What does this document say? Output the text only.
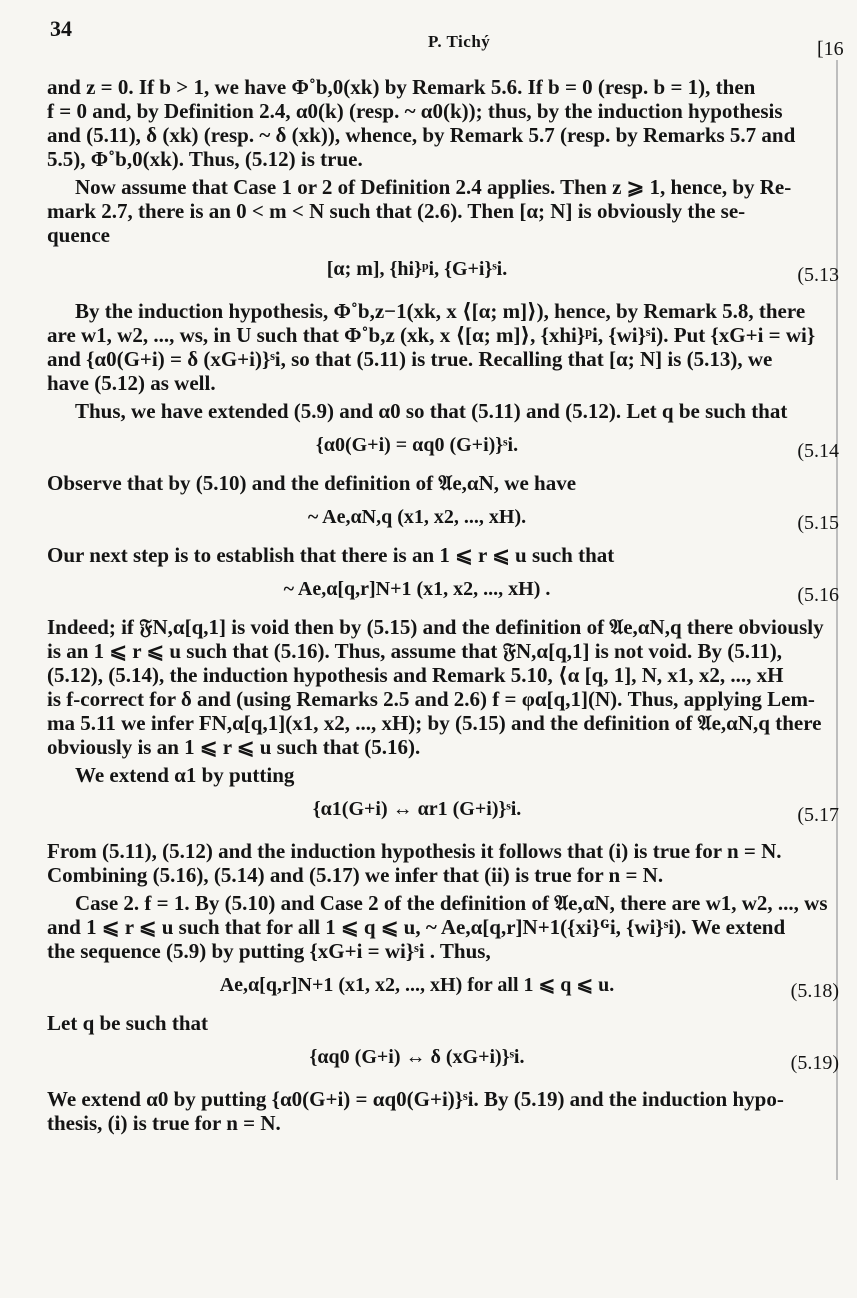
34
P. Tichý	[16
and z = 0. If b > 1, we have Φ˚b,0(xk) by Remark 5.6. If b = 0 (resp. b = 1), then
f = 0 and, by Definition 2.4, α0(k) (resp. ~ α0(k)); thus, by the induction hypothesis
and (5.11), δ (xk) (resp. ~ δ (xk)), whence, by Remark 5.7 (resp. by Remarks 5.7 and
5.5), Φ˚b,0(xk). Thus, (5.12) is true.
Now assume that Case 1 or 2 of Definition 2.4 applies. Then z ⩾ 1, hence, by Re-
mark 2.7, there is an 0 < m < N such that (2.6). Then [α; N] is obviously the se-
quence
[α; m], {hi}ᵖi, {G+i}ˢi.	(5.13
By the induction hypothesis, Φ˚b,z−1(xk, x ⟨[α; m]⟩), hence, by Remark 5.8, there
are w1, w2, ..., ws, in U such that Φ˚b,z (xk, x ⟨[α; m]⟩, {xhi}ᵖi, {wi}ˢi). Put {xG+i = wi}
and {α0(G+i) = δ (xG+i)}ˢi, so that (5.11) is true. Recalling that [α; N] is (5.13), we
have (5.12) as well.
Thus, we have extended (5.9) and α0 so that (5.11) and (5.12). Let q be such that
{α0(G+i) = αq0 (G+i)}ˢi.	(5.14
Observe that by (5.10) and the definition of 𝔄e,αN, we have
~ Ae,αN,q (x1, x2, ..., xH).	(5.15
Our next step is to establish that there is an 1 ⩽ r ⩽ u such that
~ Ae,α[q,r]N+1 (x1, x2, ..., xH) .	(5.16
Indeed; if 𝔉N,α[q,1] is void then by (5.15) and the definition of 𝔄e,αN,q there obviously
is an 1 ⩽ r ⩽ u such that (5.16). Thus, assume that 𝔉N,α[q,1] is not void. By (5.11),
(5.12), (5.14), the induction hypothesis and Remark 5.10, ⟨α [q, 1], N, x1, x2, ..., xH
is f-correct for δ and (using Remarks 2.5 and 2.6) f = φα[q,1](N). Thus, applying Lem-
ma 5.11 we infer FN,α[q,1](x1, x2, ..., xH); by (5.15) and the definition of 𝔄e,αN,q there
obviously is an 1 ⩽ r ⩽ u such that (5.16).
We extend α1 by putting
{α1(G+i) ↔ αr1 (G+i)}ˢi.	(5.17
From (5.11), (5.12) and the induction hypothesis it follows that (i) is true for n = N.
Combining (5.16), (5.14) and (5.17) we infer that (ii) is true for n = N.
Case 2. f = 1. By (5.10) and Case 2 of the definition of 𝔄e,αN, there are w1, w2, ..., ws
and 1 ⩽ r ⩽ u such that for all 1 ⩽ q ⩽ u, ~ Ae,α[q,r]N+1({xi}ᴳi, {wi}ˢi). We extend
the sequence (5.9) by putting {xG+i = wi}ˢi . Thus,
Ae,α[q,r]N+1 (x1, x2, ..., xH) for all 1 ⩽ q ⩽ u.	(5.18)
Let q be such that
{αq0 (G+i) ↔ δ (xG+i)}ˢi.	(5.19)
We extend α0 by putting {α0(G+i) = αq0(G+i)}ˢi. By (5.19) and the induction hypo-
thesis, (i) is true for n = N.
